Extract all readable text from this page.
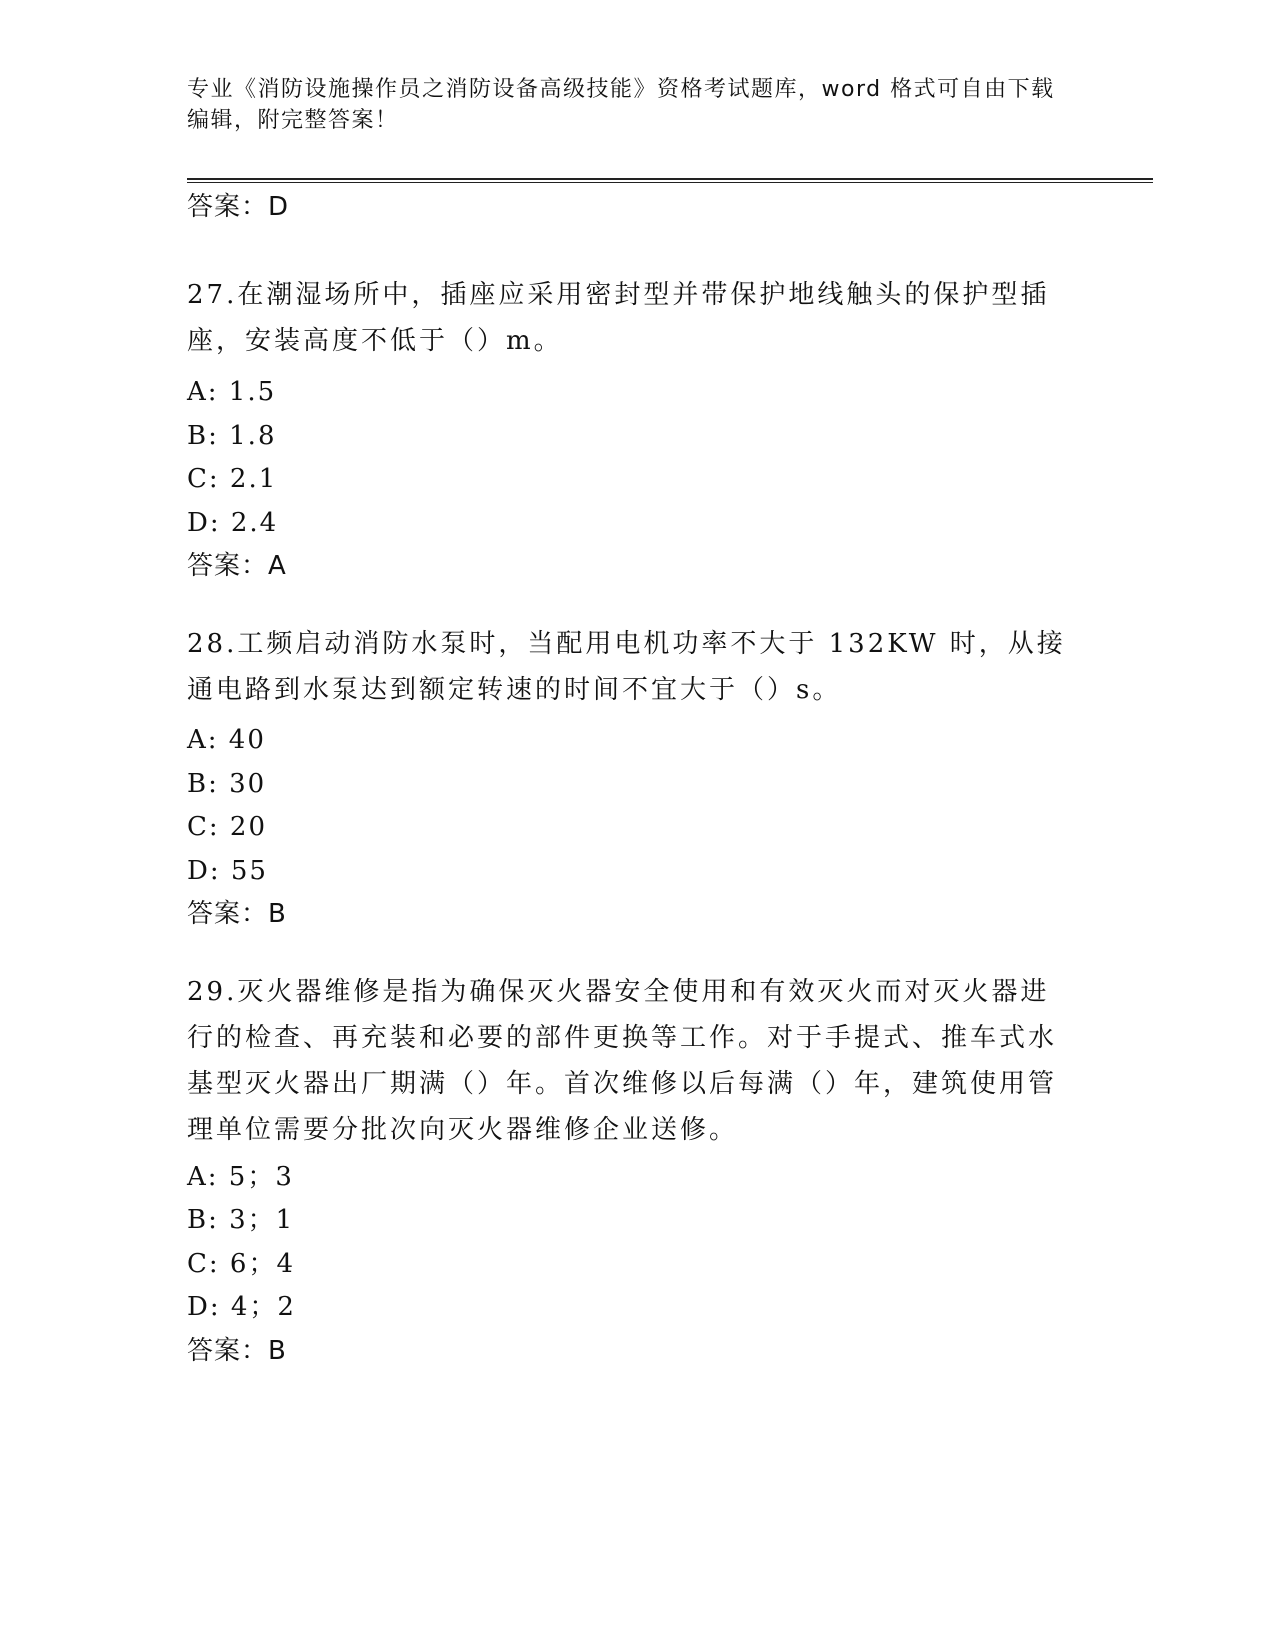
专业《消防设施操作员之消防设备高级技能》资格考试题库，word 格式可自由下载编辑，附完整答案！
答案：D
27.在潮湿场所中，插座应采用密封型并带保护地线触头的保护型插座，安装高度不低于（）m。
A: 1.5
B: 1.8
C: 2.1
D: 2.4
答案：A
28.工频启动消防水泵时，当配用电机功率不大于 132KW 时，从接通电路到水泵达到额定转速的时间不宜大于（）s。
A: 40
B: 30
C: 20
D: 55
答案：B
29.灭火器维修是指为确保灭火器安全使用和有效灭火而对灭火器进行的检查、再充装和必要的部件更换等工作。对于手提式、推车式水基型灭火器出厂期满（）年。首次维修以后每满（）年，建筑使用管理单位需要分批次向灭火器维修企业送修。
A: 5；3
B: 3；1
C: 6；4
D: 4；2
答案：B
